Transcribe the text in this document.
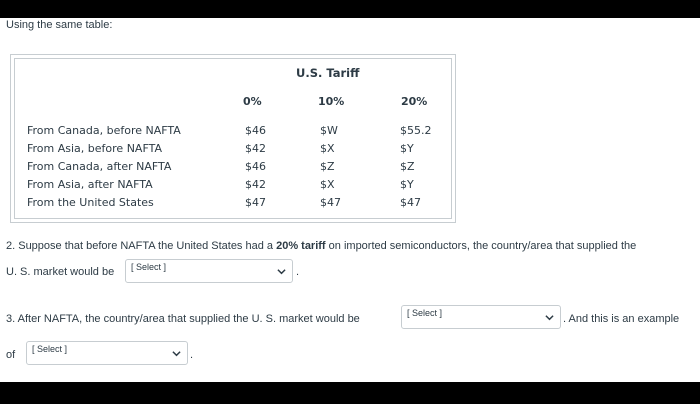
Using the same table:
U.S. Tariff
0%	10%	20%
From Canada, before NAFTA	$46	$W	$55.2
From Asia, before NAFTA	$42	$X	$Y
From Canada, after NAFTA	$46	$Z	$Z
From Asia, after NAFTA	$42	$X	$Y
From the United States	$47	$47	$47
2. Suppose that before NAFTA the United States had a 20% tariff on imported semiconductors, the country/area that supplied the
U. S. market would be [ Select ]	.
3. After NAFTA, the country/area that supplied the U. S. market would be	[ Select ]	. And this is an example
of [ Select ]	.
